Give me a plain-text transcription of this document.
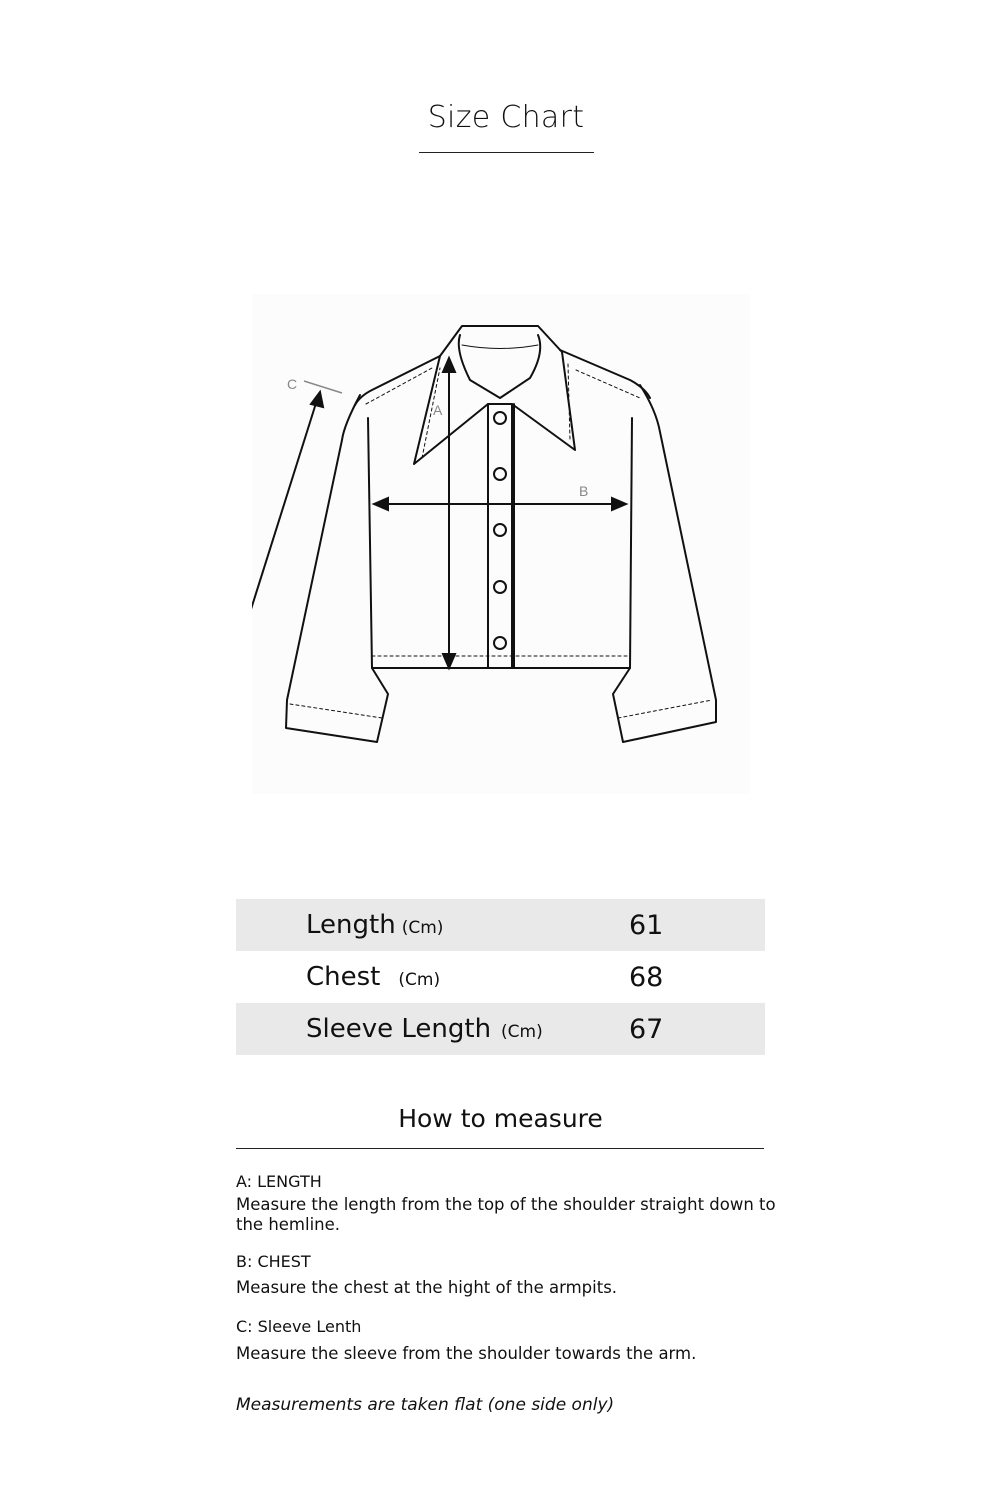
Size Chart
A
B
C
Length (Cm)	61
Chest (Cm)	68
Sleeve Length (Cm)	67
How to measure
A: LENGTH
Measure the length from the top of the shoulder straight down to the hemline.
B: CHEST
Measure the chest at the hight of the armpits.
C: Sleeve Lenth
Measure the sleeve from the shoulder towards the arm.
Measurements are taken flat (one side only)
